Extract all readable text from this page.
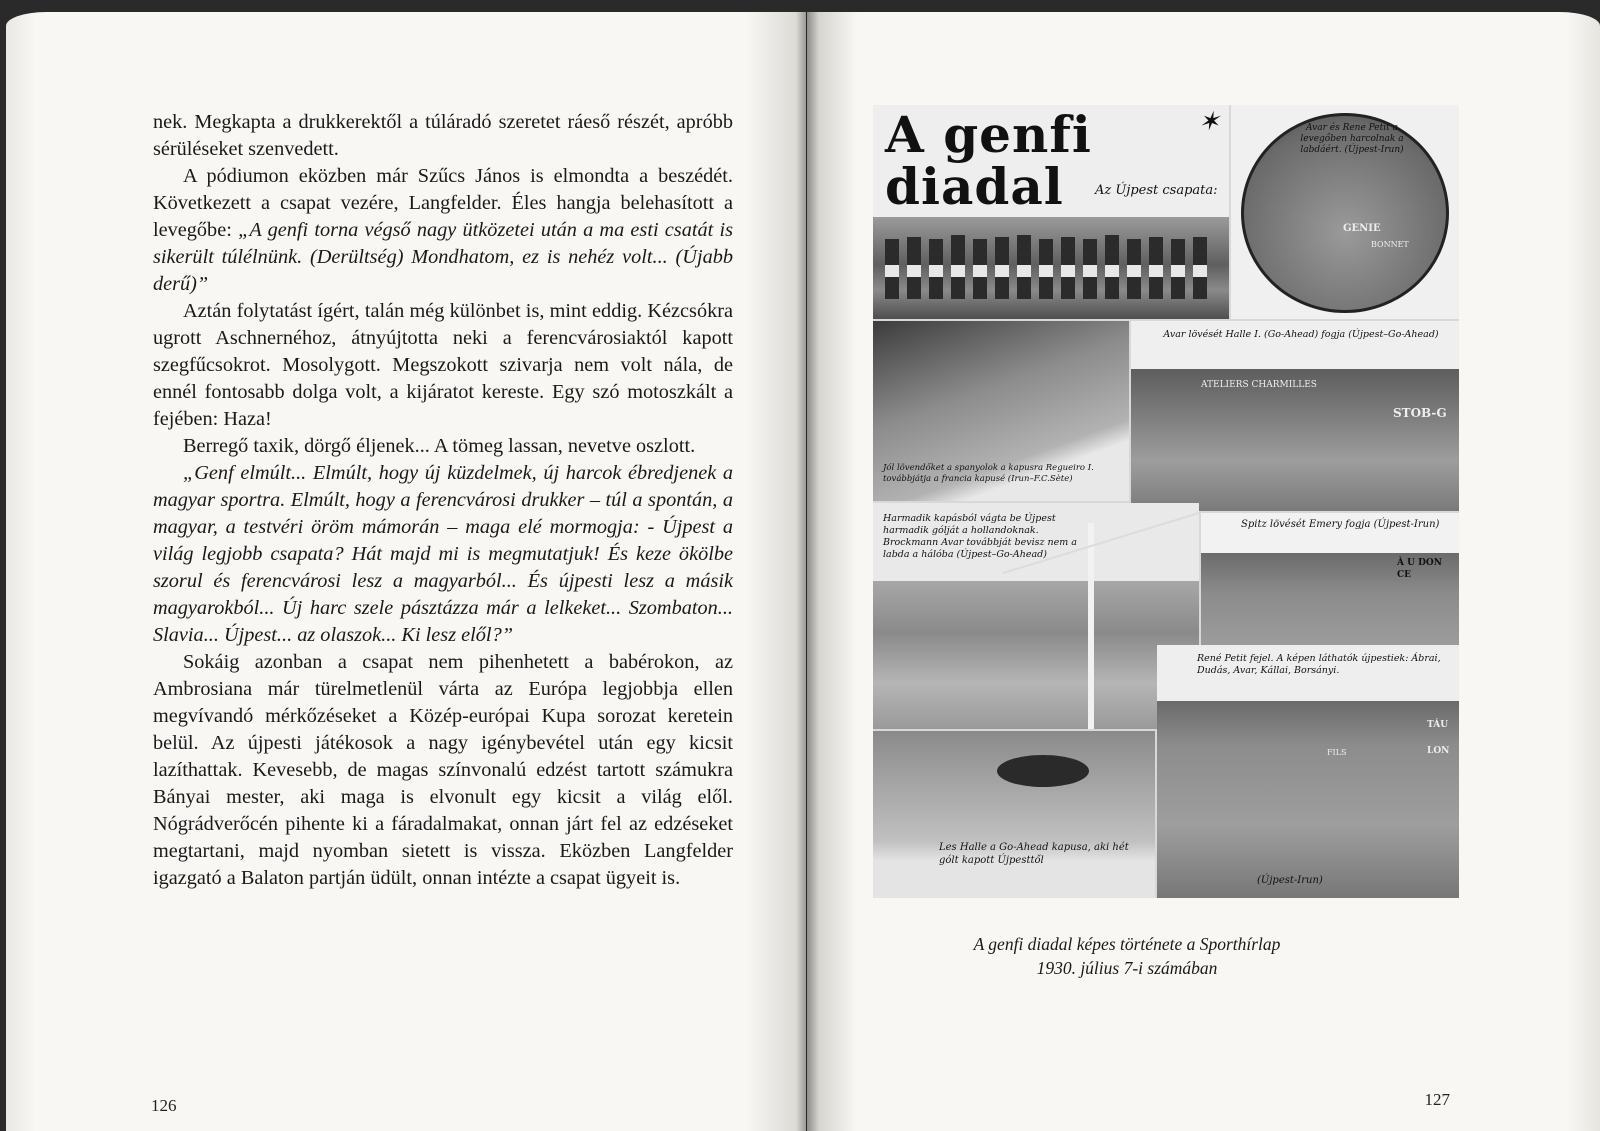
nek. Megkapta a drukkerektől a túláradó szeretet ráeső részét, apróbb sérüléseket szenvedett.

A pódiumon eközben már Szűcs János is elmondta a beszédét. Következett a csapat vezére, Langfelder. Éles hangja belehasított a levegőbe: „A genfi torna végső nagy ütközetei után a ma esti csatát is sikerült túlélnünk. (Derültség) Mondhatom, ez is nehéz volt... (Újabb derű)”

Aztán folytatást ígért, talán még különbet is, mint eddig. Kézcsókra ugrott Aschnernéhoz, átnyújtotta neki a ferencvárosiaktól kapott szegfűcsokrot. Mosolygott. Megszokott szivarja nem volt nála, de ennél fontosabb dolga volt, a kijáratot kereste. Egy szó motoszkált a fejében: Haza!

Berregő taxik, dörgő éljenek... A tömeg lassan, nevetve oszlott.

„Genf elmúlt... Elmúlt, hogy új küzdelmek, új harcok ébredjenek a magyar sportra. Elmúlt, hogy a ferencvárosi drukker – túl a spontán, a magyar, a testvéri öröm mámorán – maga elé mormogja: - Újpest a világ legjobb csapata? Hát majd mi is megmutatjuk! És keze ökölbe szorul és ferencvárosi lesz a magyarból... És újpesti lesz a másik magyarokból... Új harc szele pásztázza már a lelkeket... Szombaton... Slavia... Újpest... az olaszok... Ki lesz elől?”

Sokáig azonban a csapat nem pihenhetett a babérokon, az Ambrosiana már türelmetlenül várta az Európa legjobbja ellen megvívandó mérkőzéseket a Közép-európai Kupa sorozat keretein belül. Az újpesti játékosok a nagy igénybevétel után egy kicsit lazíthattak. Kevesebb, de magas színvonalú edzést tartott számukra Bányai mester, aki maga is elvonult egy kicsit a világ elől. Nógrádverőcén pihente ki a fáradalmakat, onnan járt fel az edzéseket megtartani, majd nyomban sietett is vissza. Eközben Langfelder igazgató a Balaton partján üdült, onnan intézte a csapat ügyeit is.

126
A genfi diadal
✶
Az Újpest csapata:
Avar és Rene Petit a levegőben harcolnak a labdáért. (Újpest-Irun)
GENIE
BONNET
Jól lövendőket a spanyolok a kapusra Regueiro I. továbbjátja a francia kapusé (Irun–F.C.Sète)
Avar lövését Halle I. (Go-Ahead) fogja (Újpest–Go-Ahead)
ATELIERS CHARMILLES
STOB-G
Harmadik kapásból vágta be Újpest harmadik gólját a hollandoknak. Brockmann Avar továbbját bevisz nem a labda a hálóba (Újpest–Go-Ahead)
Spitz lövését Emery fogja (Újpest-Irun)
À U DON CE
René Petit fejel. A képen láthatók újpestiek: Ábrai, Dudás, Avar, Kállai, Borsányi.
FILS	LON
TÁU
(Újpest-Irun)
Les Halle a Go-Ahead kapusa, aki hét gólt kapott Újpesttől
A genfi diadal képes története a Sporthírlap
1930. július 7-i számában
127
